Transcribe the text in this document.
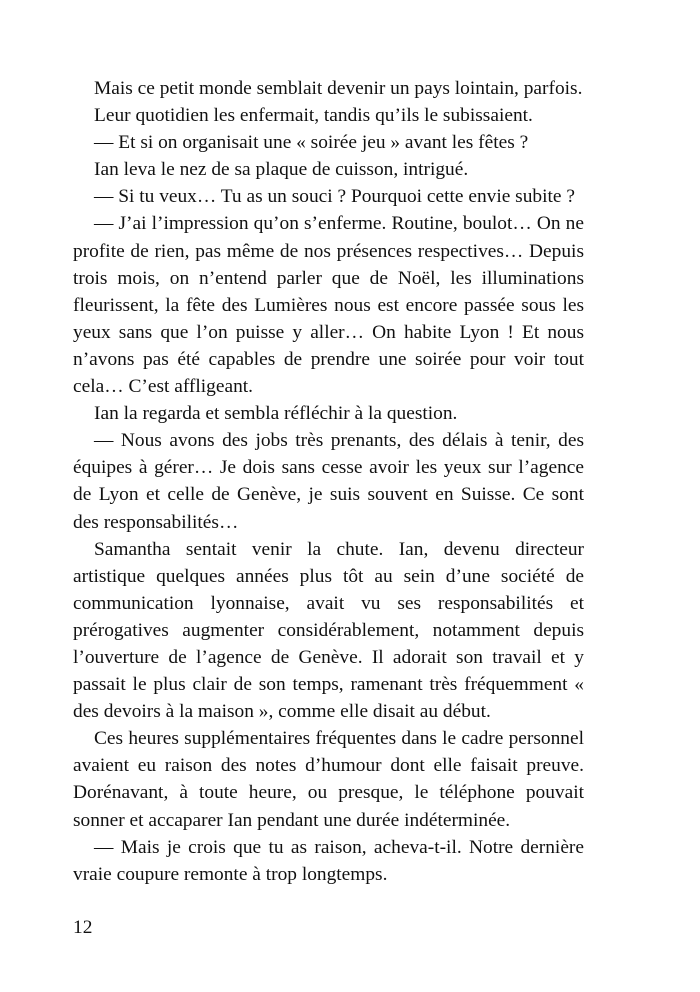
Mais ce petit monde semblait devenir un pays lointain, parfois.

Leur quotidien les enfermait, tandis qu’ils le subissaient.

— Et si on organisait une « soirée jeu » avant les fêtes ?

Ian leva le nez de sa plaque de cuisson, intrigué.

— Si tu veux… Tu as un souci ? Pourquoi cette envie subite ?

— J’ai l’impression qu’on s’enferme. Routine, boulot… On ne profite de rien, pas même de nos présences respectives… Depuis trois mois, on n’entend parler que de Noël, les illuminations fleurissent, la fête des Lumières nous est encore passée sous les yeux sans que l’on puisse y aller… On habite Lyon ! Et nous n’avons pas été capables de prendre une soirée pour voir tout cela… C’est affligeant.

Ian la regarda et sembla réfléchir à la question.

— Nous avons des jobs très prenants, des délais à tenir, des équipes à gérer… Je dois sans cesse avoir les yeux sur l’agence de Lyon et celle de Genève, je suis souvent en Suisse. Ce sont des responsabilités…

Samantha sentait venir la chute. Ian, devenu directeur artistique quelques années plus tôt au sein d’une société de communication lyonnaise, avait vu ses responsabilités et prérogatives augmenter considérablement, notamment depuis l’ouverture de l’agence de Genève. Il adorait son travail et y passait le plus clair de son temps, ramenant très fréquemment « des devoirs à la maison », comme elle disait au début.

Ces heures supplémentaires fréquentes dans le cadre personnel avaient eu raison des notes d’humour dont elle faisait preuve. Dorénavant, à toute heure, ou presque, le téléphone pouvait sonner et accaparer Ian pendant une durée indéterminée.

— Mais je crois que tu as raison, acheva-t-il. Notre dernière vraie coupure remonte à trop longtemps.

12
